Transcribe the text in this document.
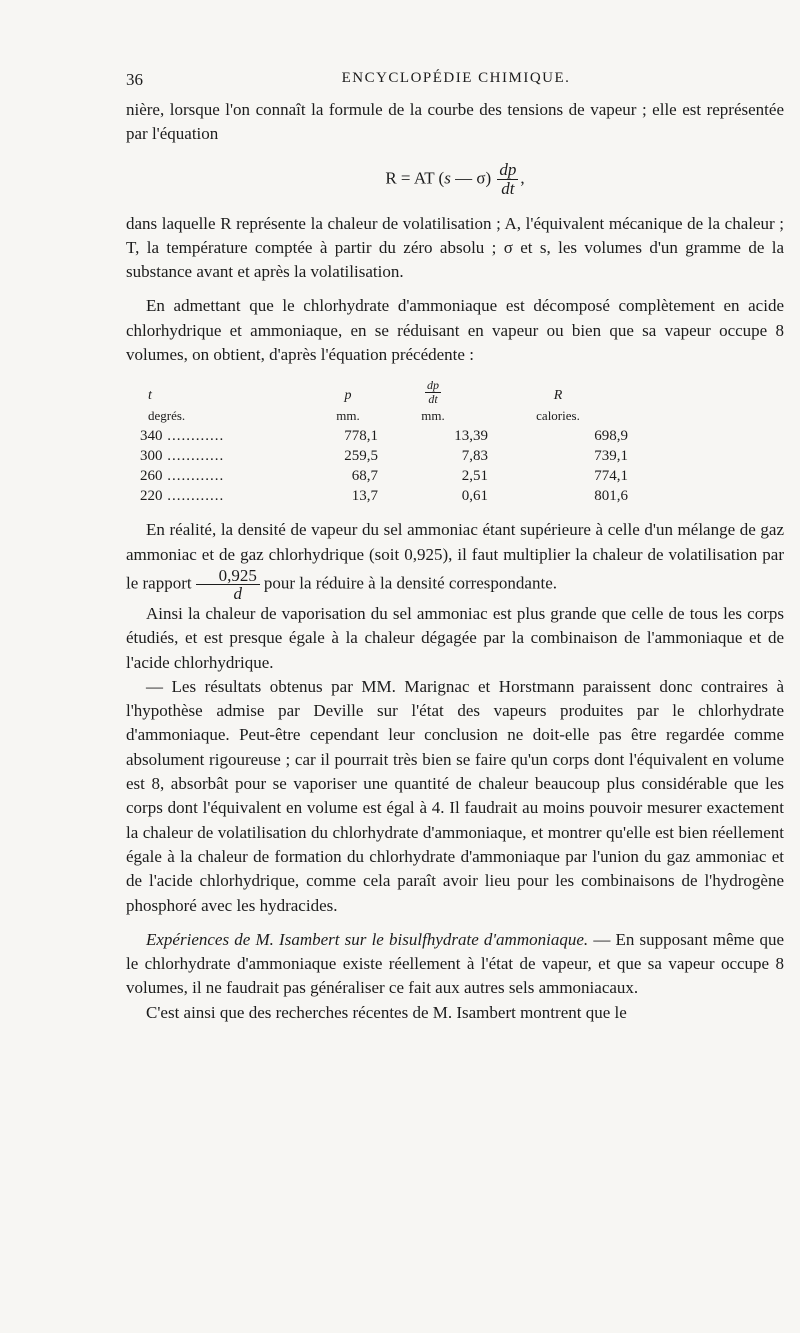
36	ENCYCLOPÉDIE CHIMIQUE.

nière, lorsque l'on connaît la formule de la courbe des tensions de vapeur ; elle est représentée par l'équation

R = AT (s — $\sigma) \frac{dp}{dt}$ ,

dans laquelle R représente la chaleur de volatilisation ; A, l'équivalent mécanique de la chaleur ; T, la température comptée à partir du zéro absolu ; σ et s, les volumes d'un gramme de la substance avant et après la volatilisation.

En admettant que le chlorhydrate d'ammoniaque est décomposé complètement en acide chlorhydrique et ammoniaque, en se réduisant en vapeur ou bien que sa vapeur occupe 8 volumes, on obtient, d'après l'équation précédente :

t	p	$\frac{dp}{dt}$	R
degrés.	mm.	mm.	calories.
340 .....	778,1	13,39	698,9
300 .....	259,5	7,83	739,1
260 .....	68,7	2,51	774,1
220 .....	13,7	0,61	801,6

En réalité, la densité de vapeur du sel ammoniac étant supérieure à celle d'un mélange de gaz ammoniac et de gaz chlorhydrique (soit 0,925), il faut multiplier la chaleur de volatilisation par le rapport $\frac{0,925}{d}$ pour la réduire à la densité correspondante.

Ainsi la chaleur de vaporisation du sel ammoniac est plus grande que celle de tous les corps étudiés, et est presque égale à la chaleur dégagée par la combinaison de l'ammoniaque et de l'acide chlorhydrique.

— Les résultats obtenus par MM. Marignac et Horstmann paraissent donc contraires à l'hypothèse admise par Deville sur l'état des vapeurs produites par le chlorhydrate d'ammoniaque. Peut-être cependant leur conclusion ne doit-elle pas être regardée comme absolument rigoureuse ; car il pourrait très bien se faire qu'un corps dont l'équivalent en volume est 8, absorbât pour se vaporiser une quantité de chaleur beaucoup plus considérable que les corps dont l'équivalent en volume est égal à 4. Il faudrait au moins pouvoir mesurer exactement la chaleur de volatilisation du chlorhydrate d'ammoniaque, et montrer qu'elle est bien réellement égale à la chaleur de formation du chlorhydrate d'ammoniaque par l'union du gaz ammoniac et de l'acide chlorhydrique, comme cela paraît avoir lieu pour les combinaisons de l'hydrogène phosphoré avec les hydracides.

Expériences de M. Isambert sur le bisulfhydrate d'ammoniaque. — En supposant même que le chlorhydrate d'ammoniaque existe réellement à l'état de vapeur, et que sa vapeur occupe 8 volumes, il ne faudrait pas généraliser ce fait aux autres sels ammoniacaux.

C'est ainsi que des recherches récentes de M. Isambert montrent que le
